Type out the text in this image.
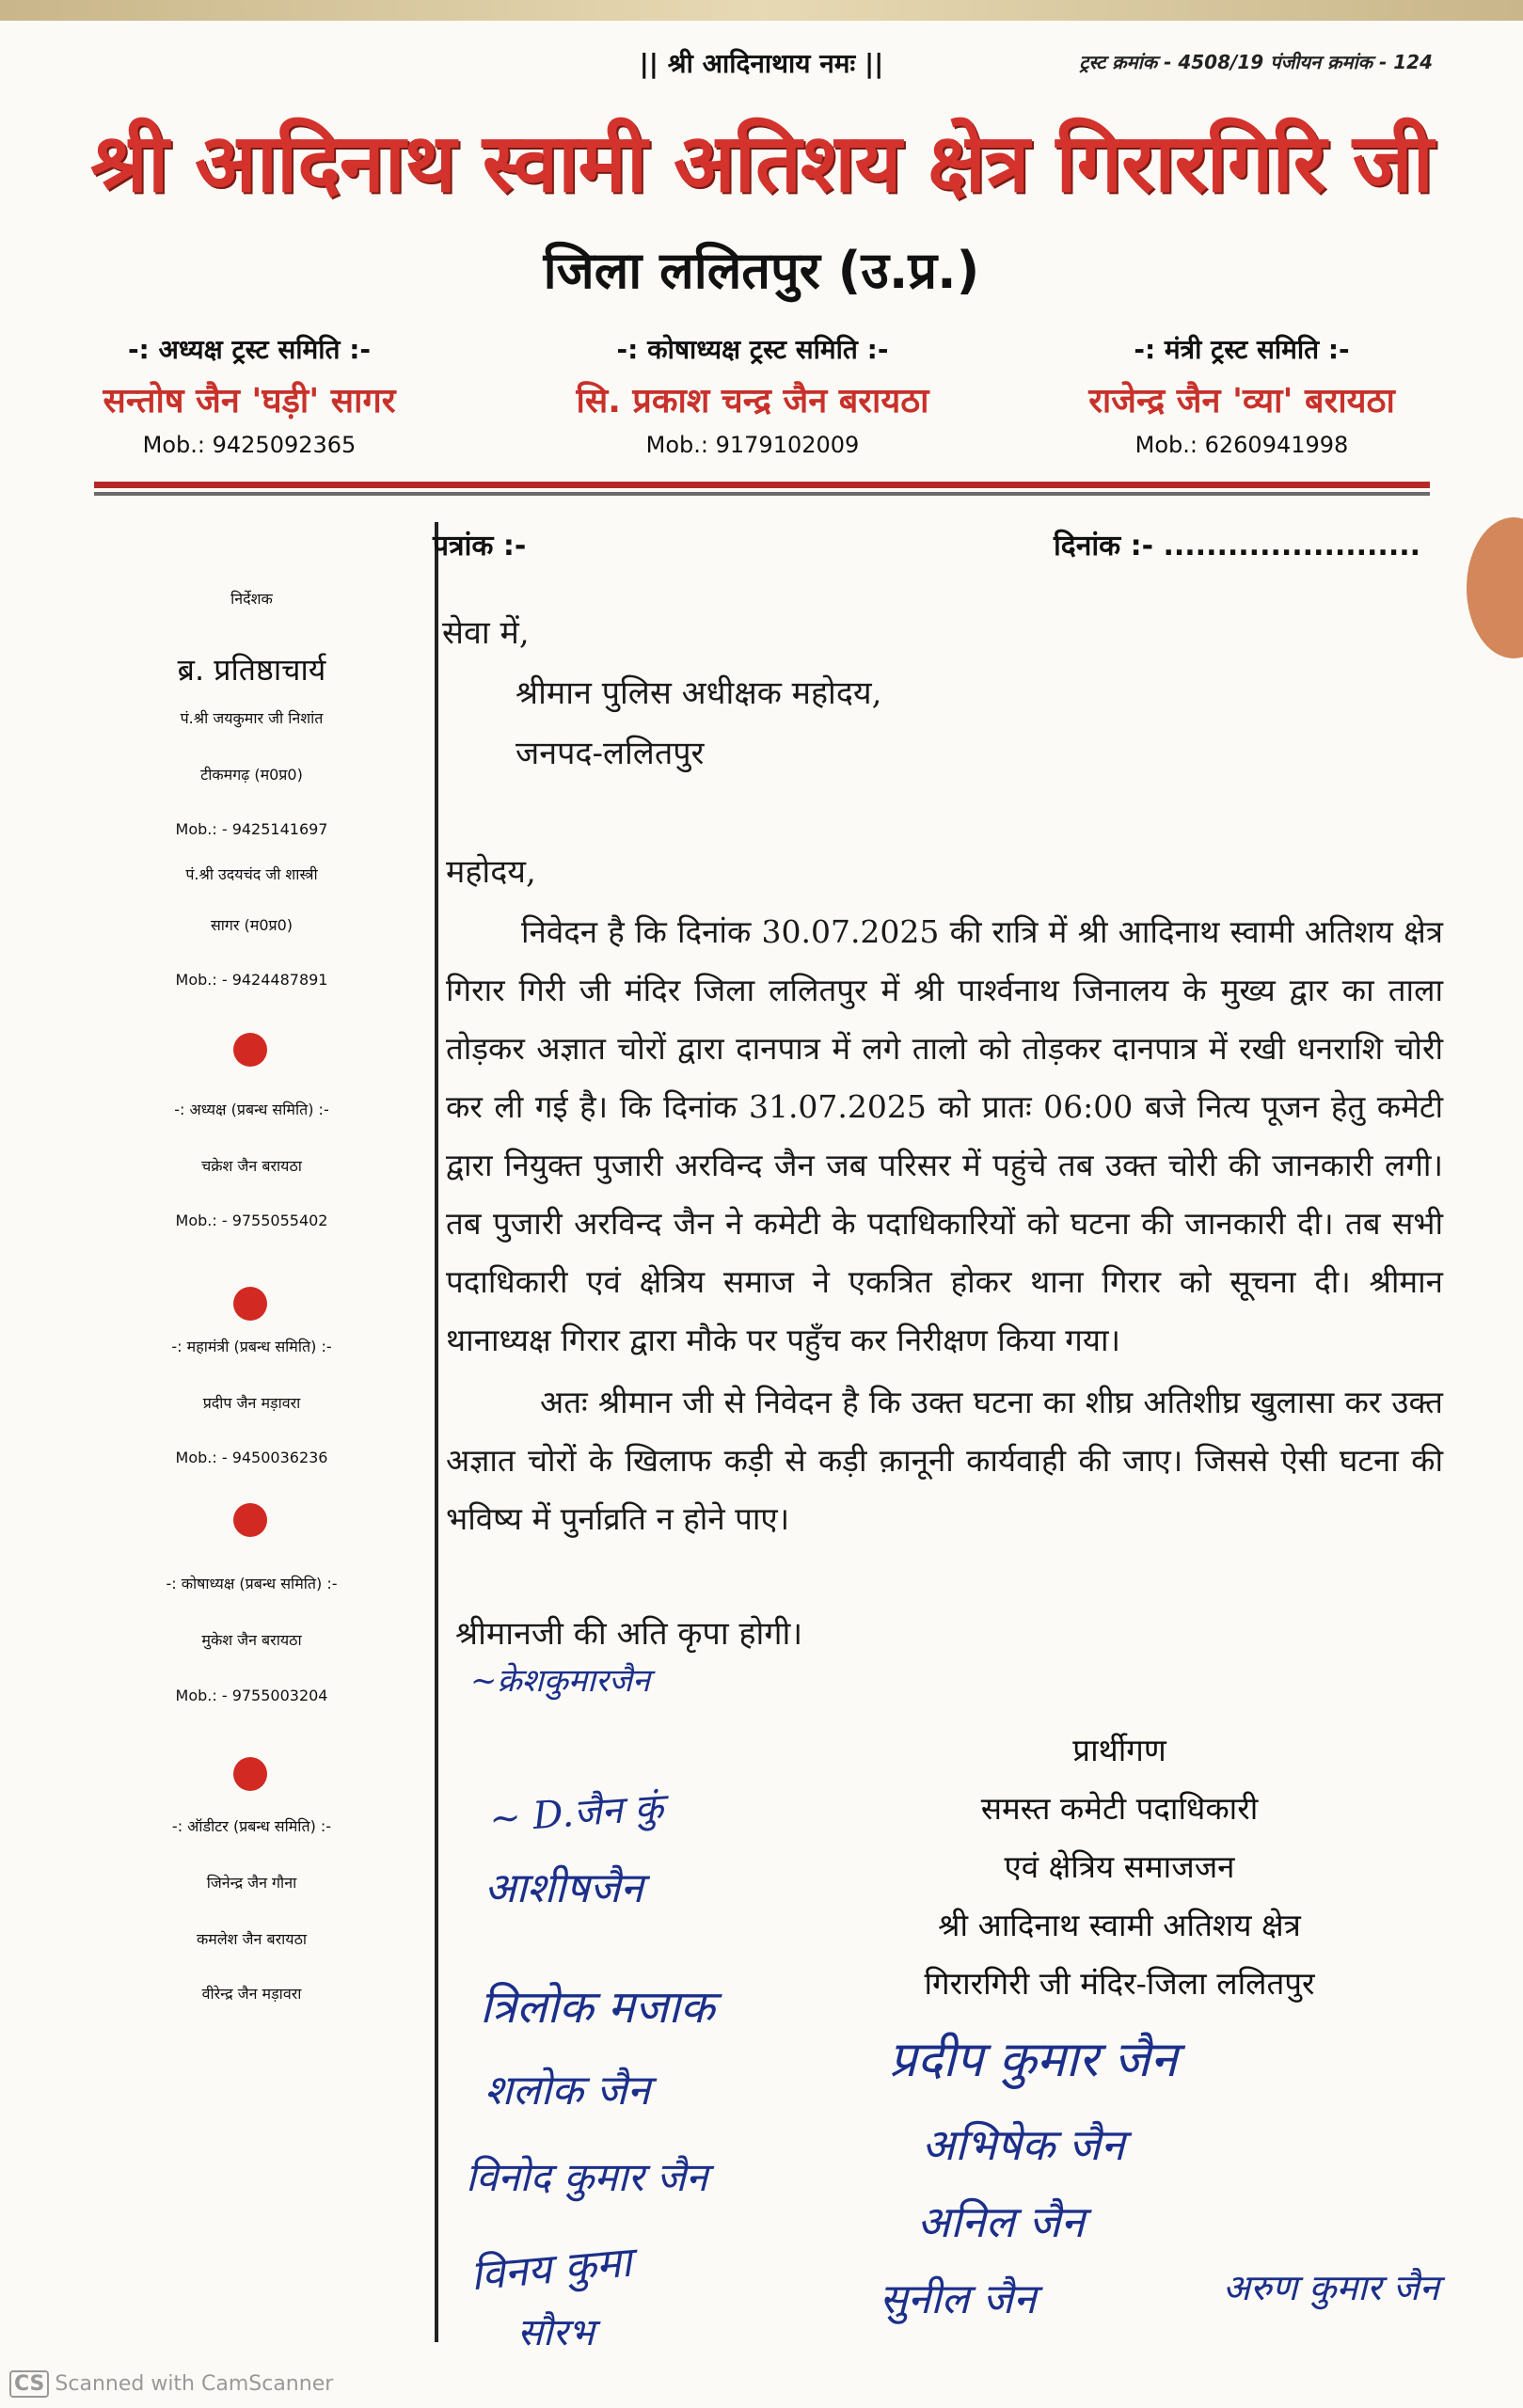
|| श्री आदिनाथाय नमः ||	ट्रस्ट क्रमांक - 4508/19 पंजीयन क्रमांक - 124
श्री आदिनाथ स्वामी अतिशय क्षेत्र गिरारगिरि जी
जिला ललितपुर (उ.प्र.)
-: अध्यक्ष ट्रस्ट समिति :-
सन्तोष जैन 'घड़ी' सागर
Mob.: 9425092365
-: कोषाध्यक्ष ट्रस्ट समिति :-
सि. प्रकाश चन्द्र जैन बरायठा
Mob.: 9179102009
-: मंत्री ट्रस्ट समिति :-
राजेन्द्र जैन 'व्या' बरायठा
Mob.: 6260941998
निर्देशक
ब्र. प्रतिष्ठाचार्य
पं.श्री जयकुमार जी निशांत
टीकमगढ़ (म0प्र0)
Mob.: - 9425141697
पं.श्री उदयचंद जी शास्त्री
सागर (म0प्र0)
Mob.: - 9424487891
-: अध्यक्ष (प्रबन्ध समिति) :-
चक्रेश जैन बरायठा
Mob.: - 9755055402
-: महामंत्री (प्रबन्ध समिति) :-
प्रदीप जैन मड़ावरा
Mob.: - 9450036236
-: कोषाध्यक्ष (प्रबन्ध समिति) :-
मुकेश जैन बरायठा
Mob.: - 9755003204
-: ऑडीटर (प्रबन्ध समिति) :-
जिनेन्द्र जैन गौना
कमलेश जैन बरायठा
वीरेन्द्र जैन मड़ावरा
पत्रांक :-	दिनांक :- ........................
सेवा में,
श्रीमान पुलिस अधीक्षक महोदय,
जनपद-ललितपुर
महोदय,
निवेदन है कि दिनांक 30.07.2025 की रात्रि में श्री आदिनाथ स्वामी अतिशय क्षेत्र गिरार गिरी जी मंदिर जिला ललितपुर में श्री पार्श्वनाथ जिनालय के मुख्य द्वार का ताला तोड़कर अज्ञात चोरों द्वारा दानपात्र में लगे तालो को तोड़कर दानपात्र में रखी धनराशि चोरी कर ली गई है। कि दिनांक 31.07.2025 को प्रातः 06:00 बजे नित्य पूजन हेतु कमेटी द्वारा नियुक्त पुजारी अरविन्द जैन जब परिसर में पहुंचे तब उक्त चोरी की जानकारी लगी। तब पुजारी अरविन्द जैन ने कमेटी के पदाधिकारियों को घटना की जानकारी दी। तब सभी पदाधिकारी एवं क्षेत्रिय समाज ने एकत्रित होकर थाना गिरार को सूचना दी। श्रीमान थानाध्यक्ष गिरार द्वारा मौके पर पहुँच कर निरीक्षण किया गया।
अतः श्रीमान जी से निवेदन है कि उक्त घटना का शीघ्र अतिशीघ्र खुलासा कर उक्त अज्ञात चोरों के खिलाफ कड़ी से कड़ी क़ानूनी कार्यवाही की जाए। जिससे ऐसी घटना की भविष्य में पुर्नाव्रति न होने पाए।
श्रीमानजी की अति कृपा होगी।
~क्रेशकुमारजैन
प्रार्थीगण
समस्त कमेटी पदाधिकारी
एवं क्षेत्रिय समाजजन
श्री आदिनाथ स्वामी अतिशय क्षेत्र
गिरारगिरी जी मंदिर-जिला ललितपुर
~ D.जैन कुं
आशीषजैन
त्रिलोक मजाक
शलोक जैन
विनोद कुमार जैन
विनय कुमा
सौरभ
प्रदीप कुमार जैन
अभिषेक जैन
अनिल जैन
सुनील जैन	अरुण कुमार जैन
CS Scanned with CamScanner
